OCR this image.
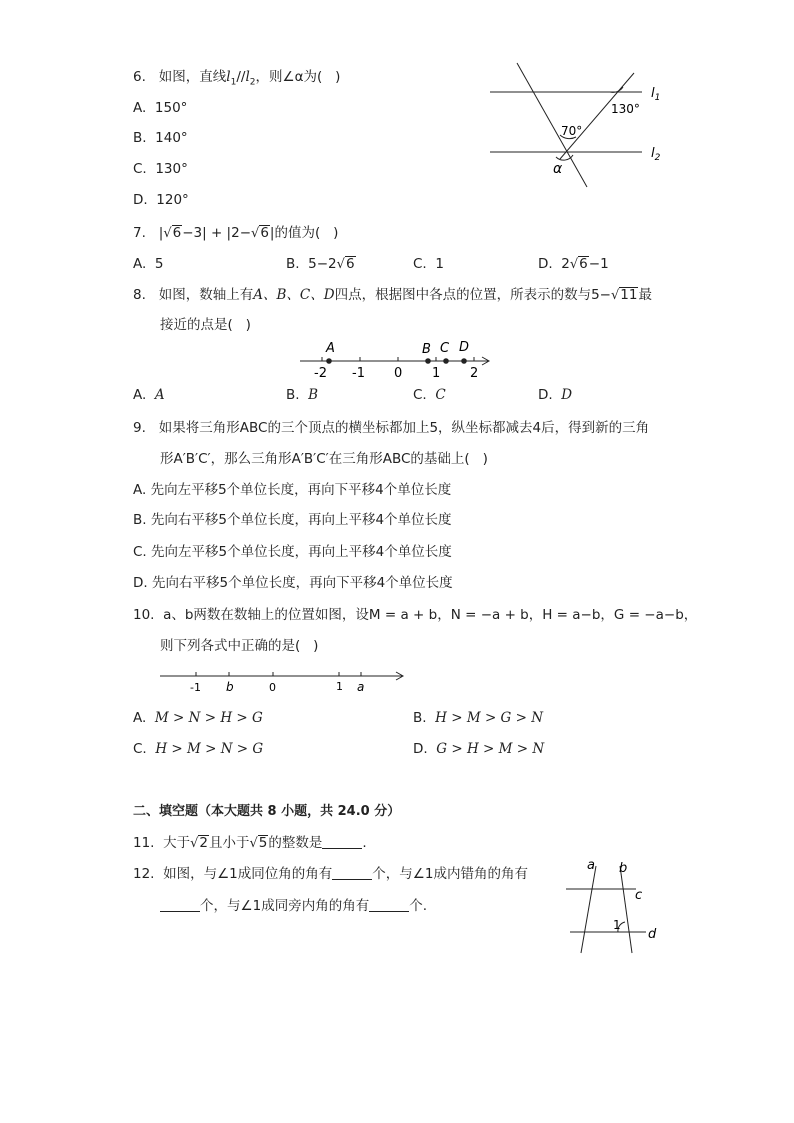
6. 如图，直线$l_1//l_2$，则∠α为( )
A. 150°
B. 140°
C. 130°
D. 120°
$l_1$
$l_2$
130°
70°
α
7.   |√6−3| + |2−√6|的值为( )
A. 5	B. 5−2√6	C. 1	D. 2√6−1
8. 如图，数轴上有A、B、C、D四点，根据图中各点的位置，所表示的数与5−√11最
接近的点是( )
-2 -1 0 1 2
A	B C D
A. A	B. B	C. C	D. D
9. 如果将三角形ABC的三个顶点的横坐标都加上5，纵坐标都减去4后，得到新的三角
形A′B′C′，那么三角形A′B′C′在三角形ABC的基础上( )
A. 先向左平移5个单位长度，再向下平移4个单位长度
B. 先向右平移5个单位长度，再向上平移4个单位长度
C. 先向左平移5个单位长度，再向上平移4个单位长度
D. 先向右平移5个单位长度，再向下平移4个单位长度
10. a、b两数在数轴上的位置如图，设M = a + b，N = −a + b，H = a−b，G = −a−b，
则下列各式中正确的是( )
-1 b	0	1 a
A. M > N > H > G	B. H > M > G > N
C. H > M > N > G	D. G > H > M > N
二、填空题（本大题共 8 小题，共 24.0 分）
11. 大于√2且小于√5的整数是	.
12. 如图，与∠1成同位角的角有	个，与∠1成内错角的角有
个，与∠1成同旁内角的角有	个.
a b
c
d
1
